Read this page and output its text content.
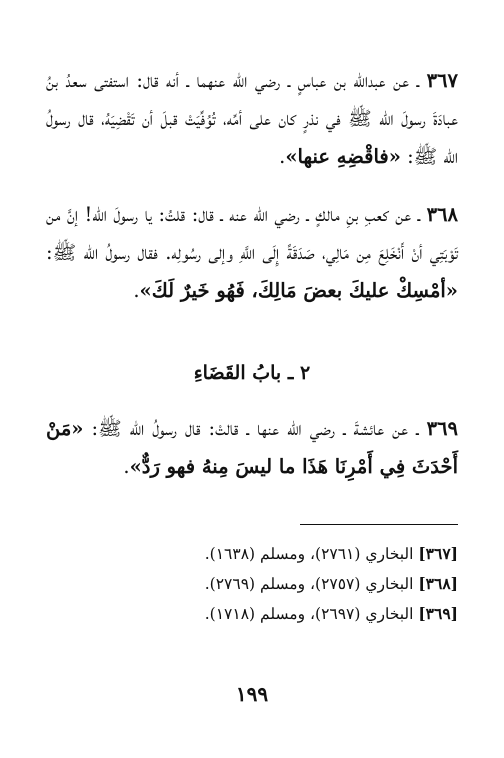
٣٦٧ ـ عن عبدالله بن عباسٍ ـ رضي الله عنهما ـ أنه قال: استفتى سعدُ بنُ عبادَةَ رسولَ الله ﷺ في نذرٍ كان على أمِّه، تُوُفِّيَتْ قبلَ أن تَقْضِيَهُ، قال رسولُ الله ﷺ: «فاقْضِهِ عنها».

٣٦٨ ـ عن كعبِ بنِ مالكٍ ـ رضي الله عنه ـ قال: قلتُ: يا رسولَ الله! إنَّ من تَوْبَتِي أنْ أَنْخَلِعَ مِن مَالِي، صَدَقَةً إِلَى اللَّهِ وإلى رسُولِه. فقال رسولُ الله ﷺ: «أمْسِكْ عليكَ بعضَ مَالِكَ، فَهُو خَيرٌ لَكَ».

٢ ـ بابُ القَضَاءِ

٣٦٩ ـ عن عائشةَ ـ رضي الله عنها ـ قالتْ: قال رسولُ الله ﷺ: «مَنْ أَحْدَثَ فِي أَمْرِنَا هَذَا ما ليسَ مِنهُ فهو رَدٌّ».

[٣٦٧] البخاري (٢٧٦١)، ومسلم (١٦٣٨).
[٣٦٨] البخاري (٢٧٥٧)، ومسلم (٢٧٦٩).
[٣٦٩] البخاري (٢٦٩٧)، ومسلم (١٧١٨).
١٩٩
